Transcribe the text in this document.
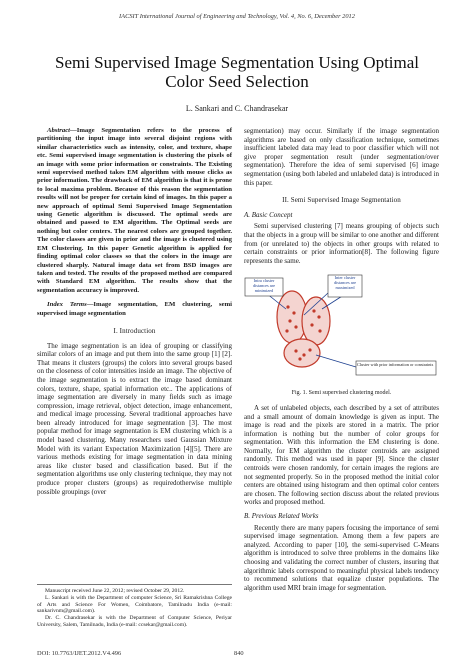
IACSIT International Journal of Engineering and Technology, Vol. 4, No. 6, December 2012
Semi Supervised Image Segmentation Using Optimal Color Seed Selection
L. Sankari and C. Chandrasekar
Abstract—Image Segmentation refers to the process of partitioning the input image into several disjoint regions with similar characteristics such as intensity, color, and texture, shape etc. Semi supervised image segmentation is clustering the pixels of an image with some prior information or constraints. The Existing semi supervised method takes EM algorithm with mouse clicks as prior information. The drawback of EM algorithm is that it is prone to local maxima problem. Because of this reason the segmentation results will not be proper for certain kind of images. In this paper a new approach of optimal Semi Supervised Image Segmentation using Genetic algorithm is discussed. The optimal seeds are obtained and passed to EM algorithm. The Optimal seeds are nothing but color centers. The nearest colors are grouped together. The color classes are given in prior and the image is clustered using EM Clustering. In this paper Genetic algorithm is applied for finding optimal color classes so that the colors in the image are clustered sharply. Natural image data set from BSD images are taken and tested. The results of the proposed method are compared with Standard EM algorithm. The results show that the segmentation accuracy is improved.
Index Terms—Image segmentation, EM clustering, semi supervised image segmentation
I. Introduction

The image segmentation is an idea of grouping or classifying similar colors of an image and put them into the same group [1] [2]. That means it clusters (groups) the colors into several groups based on the closeness of color intensities inside an image. The objective of the image segmentation is to extract the image based dominant colors, texture, shape, spatial information etc.. The applications of image segmentation are diversely in many fields such as image compression, image retrieval, object detection, image enhancement, and medical image processing. Several traditional approaches have been already introduced for image segmentation [3]. The most popular method for image segmentation is EM clustering which is a model based clustering. Many researchers used Gaussian Mixture Model with its variant Expectation Maximization [4][5]. There are various methods existing for image segmentation in data mining areas like cluster based and classification based. But if the segmentation algorithms use only clustering technique, they may not produce proper clusters (groups) as requiredotherwise multiple possible groupings (over

Manuscript received June 22, 2012; revised October 29, 2012.
L. Sankari is with the Department of computer Science, Sri Ramakrishna College of Arts and Science For Women, Coimbatore, Tamilnadu India (e-mail: sankarivnm@gmail.com).
Dr. C. Chandrasekar is with the Department of Computer Science, Periyar University, Salem, Tamilnadu, India (e-mail: ccsekar@gmail.com).

segmentation) may occur. Similarly if the image segmentation algorithms are based on only classification technique, sometimes insufficient labeled data may lead to poor classifier which will not give proper segmentation result (under segmentation/over segmentation). Therefore the idea of semi supervised [6] image segmentation (using both labeled and unlabeled data) is introduced in this paper.

II. Semi Supervised Image Segmentation
A. Basic Concept

Semi supervised clustering [7] means grouping of objects such that the objects in a group will be similar to one another and different from (or unrelated to) the objects in other groups with related to certain constraints or prior information[8]. The following figure represents the same.

Intra cluster distances are minimized
Inter cluster distances are maximized
Cluster with prior information or constraints
Fig. 1. Semi supervised clustering model.

A set of unlabeled objects, each described by a set of attributes and a small amount of domain knowledge is given as input. The image is read and the pixels are stored in a matrix. The prior information is nothing but the number of color groups for segmentation. With this information the EM clustering is done. Normally, for EM algorithm the cluster centroids are assigned randomly. This method was used in paper [9]. Since the cluster centroids were chosen randomly, for certain images the regions are not segmented properly. So in the proposed method the initial color centers are obtained using histogram and then optimal color centers are chosen. The following section discuss about the related previous works and proposed method.

B. Previous Related Works

Recently there are many papers focusing the importance of semi supervised image segmentation. Among them a few papers are analyzed. According to paper [10], the semi-supervised C-Means algorithm is introduced to solve three problems in the domains like choosing and validating the correct number of clusters, insuring that algorithmic labels correspond to meaningful physical labels tendency to recommend solutions that equalize cluster populations. The algorithm used MRI brain image for segmentation.

DOI: 10.7763/IJET.2012.V4.496	840
